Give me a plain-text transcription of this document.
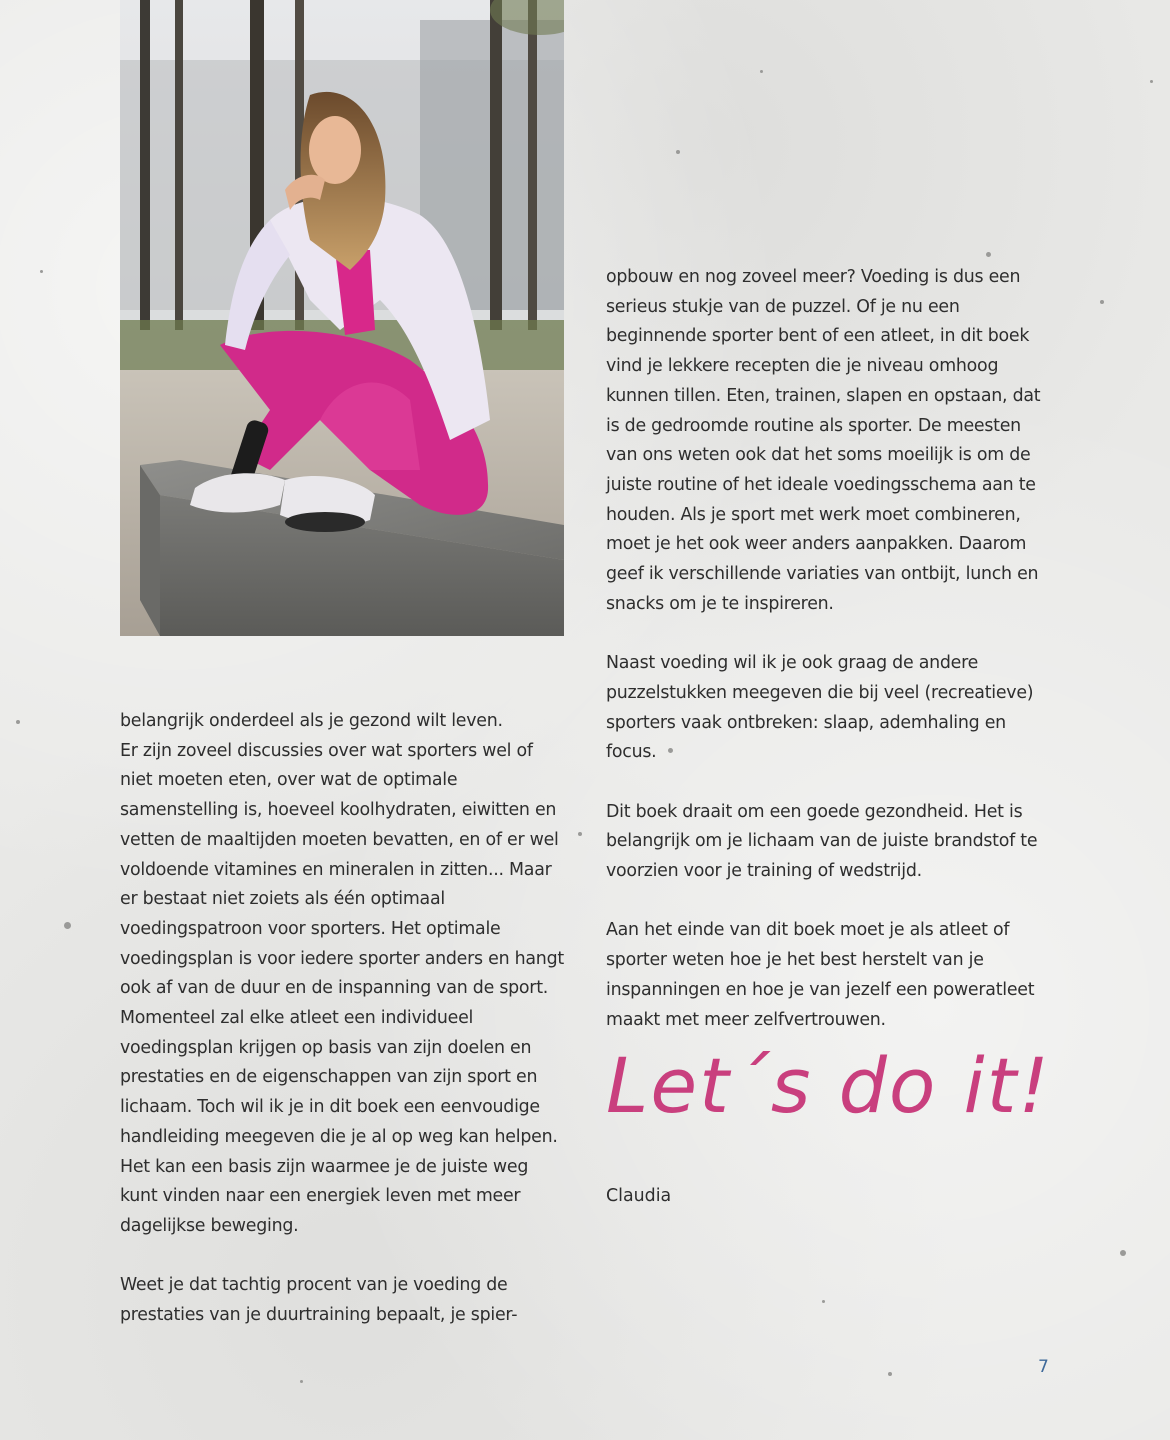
belangrijk onderdeel als je gezond wilt leven.

Er zijn zoveel discussies over wat sporters wel of niet moeten eten, over wat de optimale samenstelling is, hoeveel koolhydraten, eiwitten en vetten de maaltijden moeten bevatten, en of er wel voldoende vitamines en mineralen in zitten... Maar er bestaat niet zoiets als één optimaal voedingspatroon voor sporters. Het optimale voedingsplan is voor iedere sporter anders en hangt ook af van de duur en de inspanning van de sport.

Momenteel zal elke atleet een individueel voedingsplan krijgen op basis van zijn doelen en prestaties en de eigenschappen van zijn sport en lichaam. Toch wil ik je in dit boek een eenvoudige handleiding meegeven die je al op weg kan helpen. Het kan een basis zijn waarmee je de juiste weg kunt vinden naar een energiek leven met meer dagelijkse beweging.

Weet je dat tachtig procent van je voeding de prestaties van je duurtraining bepaalt, je spier-

opbouw en nog zoveel meer? Voeding is dus een serieus stukje van de puzzel. Of je nu een beginnende sporter bent of een atleet, in dit boek vind je lekkere recepten die je niveau omhoog kunnen tillen. Eten, trainen, slapen en opstaan, dat is de gedroomde routine als sporter. De meesten van ons weten ook dat het soms moeilijk is om de juiste routine of het ideale voedingsschema aan te houden. Als je sport met werk moet combineren, moet je het ook weer anders aanpakken. Daarom geef ik verschillende variaties van ontbijt, lunch en snacks om je te inspireren.

Naast voeding wil ik je ook graag de andere puzzelstukken meegeven die bij veel (recreatieve) sporters vaak ontbreken: slaap, ademhaling en focus.

Dit boek draait om een goede gezondheid. Het is belangrijk om je lichaam van de juiste brandstof te voorzien voor je training of wedstrijd.

Aan het einde van dit boek moet je als atleet of sporter weten hoe je het best herstelt van je inspanningen en hoe je van jezelf een poweratleet maakt met meer zelfvertrouwen.

Let´s do it!
Claudia
7
